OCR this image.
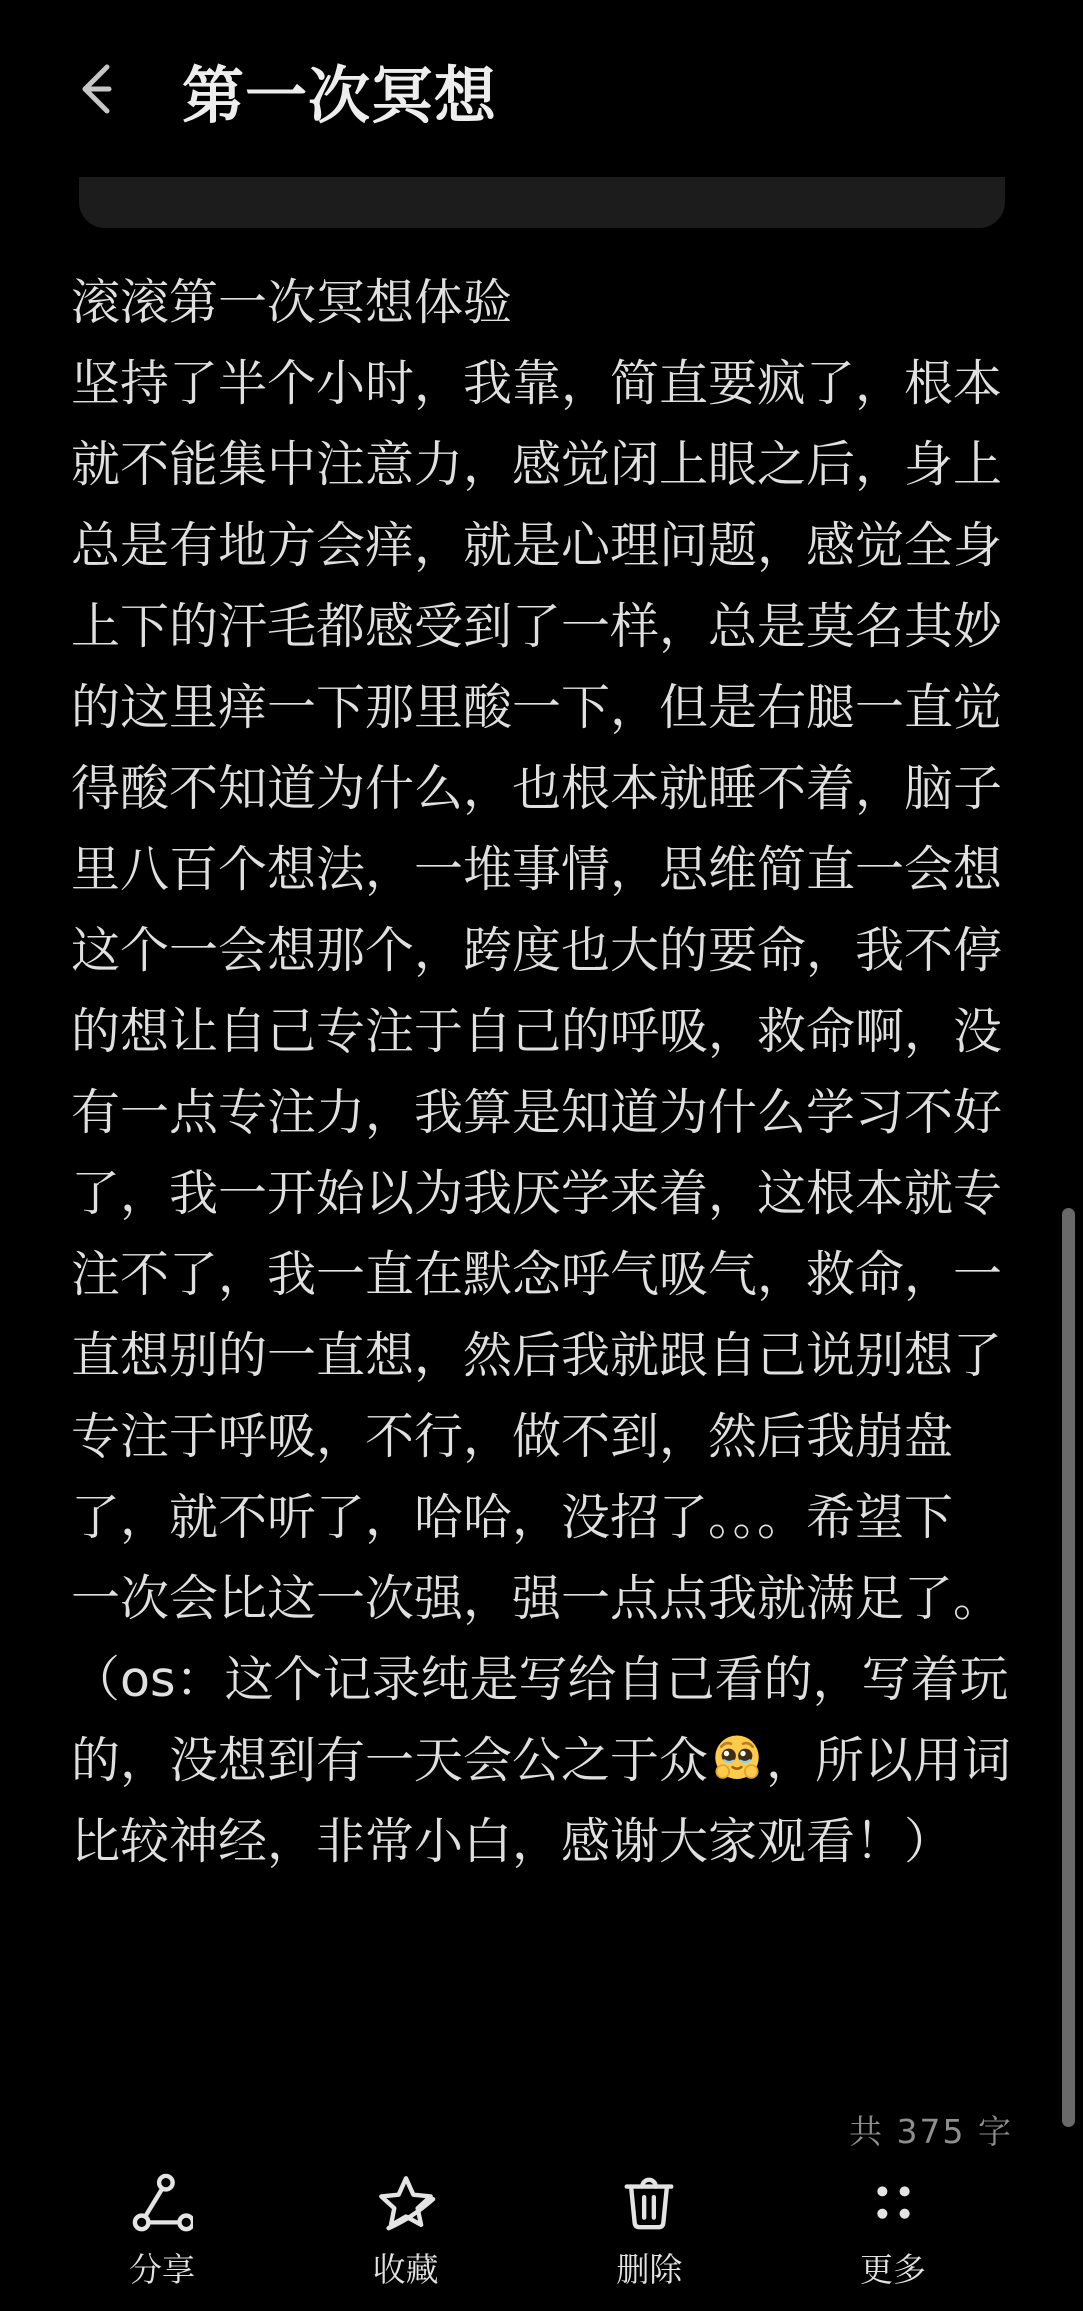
第一次冥想
滚滚第一次冥想体验
坚持了半个小时，我靠，简直要疯了，根本
就不能集中注意力，感觉闭上眼之后，身上
总是有地方会痒，就是心理问题，感觉全身
上下的汗毛都感受到了一样，总是莫名其妙
的这里痒一下那里酸一下，但是右腿一直觉
得酸不知道为什么，也根本就睡不着，脑子
里八百个想法，一堆事情，思维简直一会想
这个一会想那个，跨度也大的要命，我不停
的想让自己专注于自己的呼吸，救命啊，没
有一点专注力，我算是知道为什么学习不好
了，我一开始以为我厌学来着，这根本就专
注不了，我一直在默念呼气吸气，救命，一
直想别的一直想，然后我就跟自己说别想了
专注于呼吸，不行，做不到，然后我崩盘
了，就不听了，哈哈，没招了。。。希望下
一次会比这一次强，强一点点我就满足了。
（os：这个记录纯是写给自己看的，写着玩
的，没想到有一天会公之于众 ，所以用词
比较神经，非常小白，感谢大家观看！）
共 375 字
分享	收藏	删除	更多
